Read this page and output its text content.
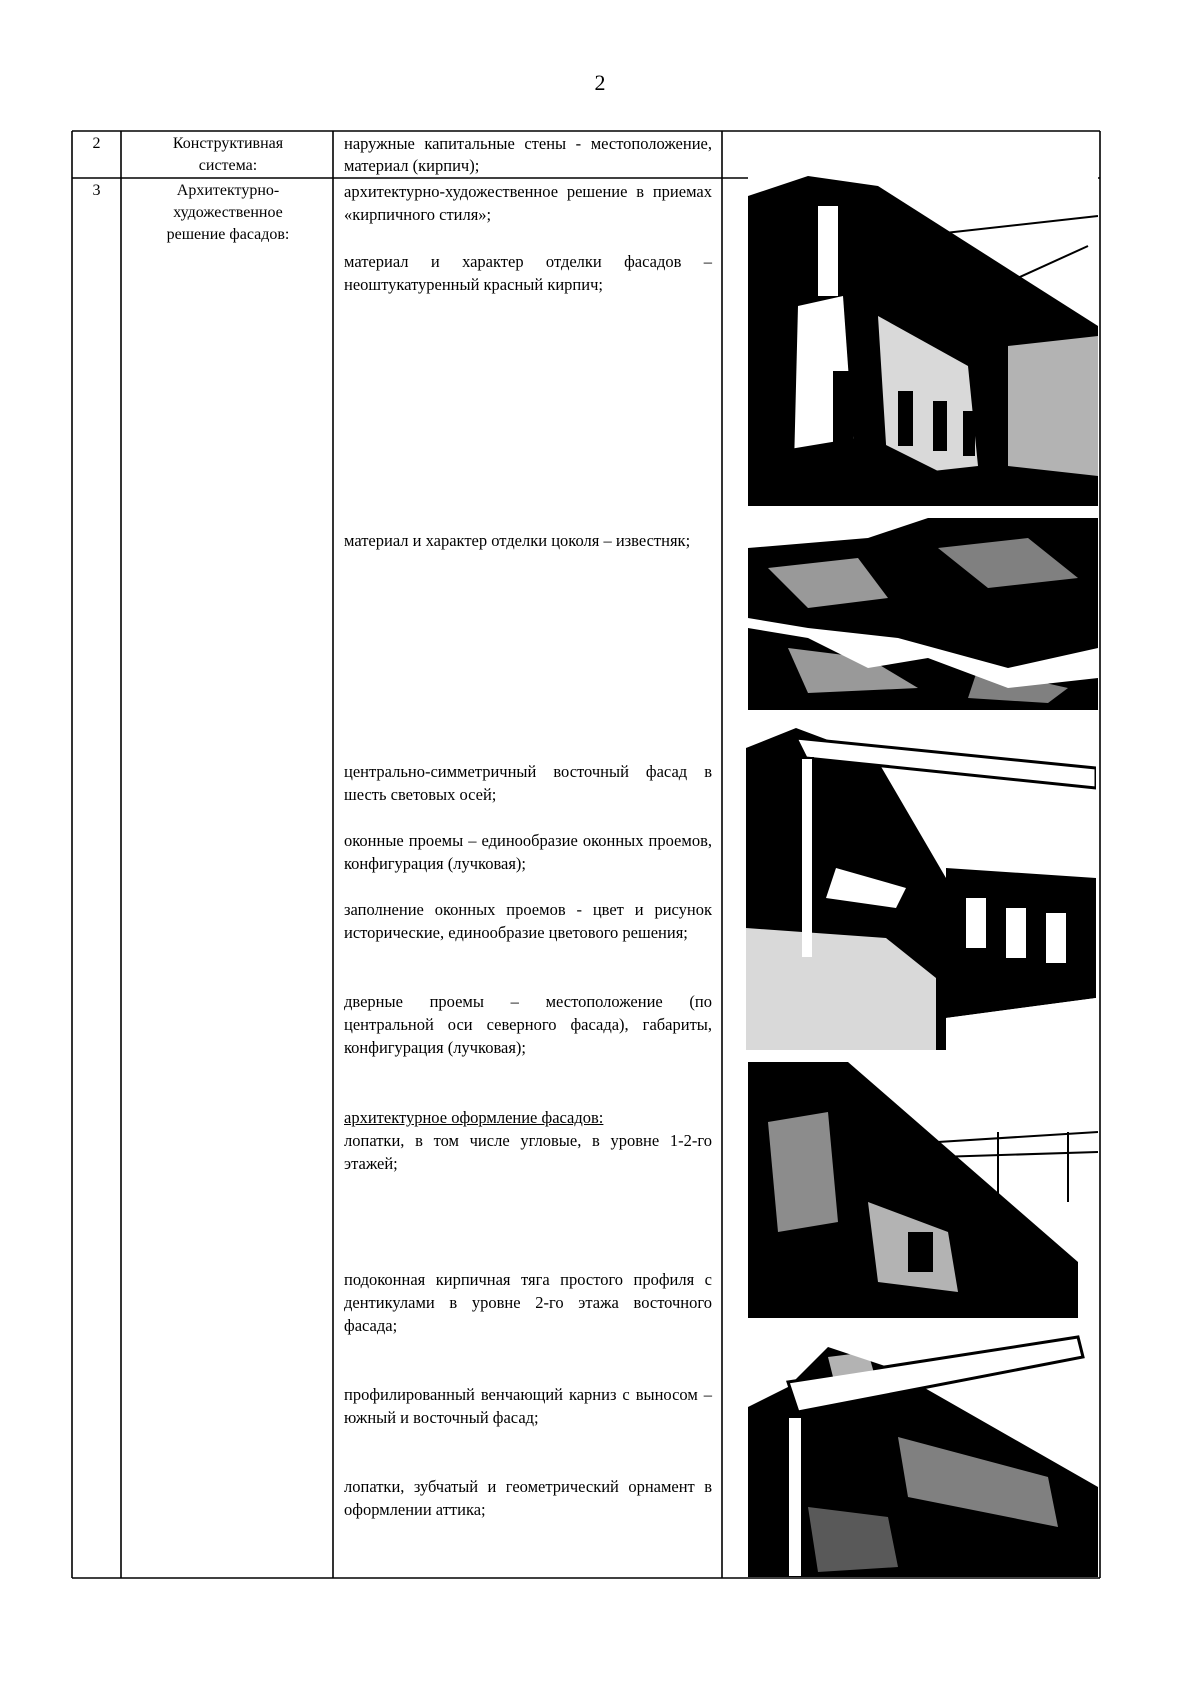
2
2	Конструктивная система:
наружные капитальные стены - местоположение, материал (кирпич);
3	Архитектурно-художественное решение фасадов:
архитектурно-художественное решение в приемах «кирпичного стиля»;
материал и характер отделки фасадов – неоштукатуренный красный кирпич;
материал и характер отделки цоколя – известняк;
центрально-симметричный восточный фасад в шесть световых осей;
оконные проемы – единообразие оконных проемов, конфигурация (лучковая);
заполнение оконных проемов - цвет и рисунок исторические, единообразие цветового решения;
дверные проемы – местоположение (по центральной оси северного фасада), габариты, конфигурация (лучковая);
архитектурное оформление фасадов:
лопатки, в том числе угловые, в уровне 1-2-го этажей;
подоконная кирпичная тяга простого профиля с дентикулами в уровне 2-го этажа восточного фасада;
профилированный венчающий карниз с выносом – южный и восточный фасад;
лопатки, зубчатый и геометрический орнамент в оформлении аттика;
